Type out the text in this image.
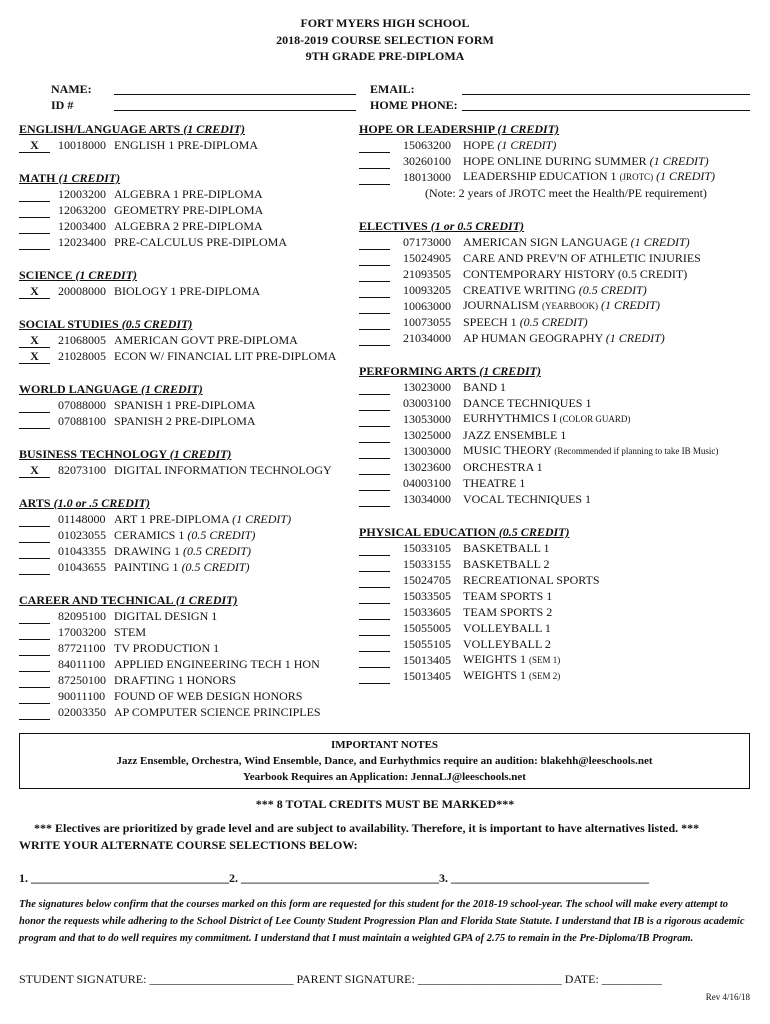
FORT MYERS HIGH SCHOOL
2018-2019 COURSE SELECTION FORM
9TH GRADE PRE-DIPLOMA
NAME:
ID #
EMAIL:
HOME PHONE:
ENGLISH/LANGUAGE ARTS (1 CREDIT)
X	10018000 ENGLISH 1 PRE-DIPLOMA
MATH (1 CREDIT)
12003200 ALGEBRA 1 PRE-DIPLOMA
12063200 GEOMETRY PRE-DIPLOMA
12003400 ALGEBRA 2 PRE-DIPLOMA
12023400 PRE-CALCULUS PRE-DIPLOMA
SCIENCE (1 CREDIT)
X	20008000 BIOLOGY 1 PRE-DIPLOMA
SOCIAL STUDIES (0.5 CREDIT)
X	21068005 AMERICAN GOVT PRE-DIPLOMA
X	21028005 ECON W/ FINANCIAL LIT PRE-DIPLOMA
WORLD LANGUAGE (1 CREDIT)
07088000 SPANISH 1 PRE-DIPLOMA
07088100 SPANISH 2 PRE-DIPLOMA
BUSINESS TECHNOLOGY (1 CREDIT)
X	82073100 DIGITAL INFORMATION TECHNOLOGY
ARTS (1.0 or .5 CREDIT)
01148000 ART 1 PRE-DIPLOMA (1 CREDIT)
01023055 CERAMICS 1 (0.5 CREDIT)
01043355 DRAWING 1 (0.5 CREDIT)
01043655 PAINTING 1 (0.5 CREDIT)
CAREER AND TECHNICAL (1 CREDIT)
82095100 DIGITAL DESIGN 1
17003200 STEM
87721100 TV PRODUCTION 1
84011100 APPLIED ENGINEERING TECH 1 HON
87250100 DRAFTING 1 HONORS
90011100 FOUND OF WEB DESIGN HONORS
02003350 AP COMPUTER SCIENCE PRINCIPLES
HOPE OR LEADERSHIP (1 CREDIT)
15063200	HOPE (1 CREDIT)
30260100	HOPE ONLINE DURING SUMMER (1 CREDIT)
18013000	LEADERSHIP EDUCATION 1 (JROTC) (1 CREDIT)
(Note: 2 years of JROTC meet the Health/PE requirement)
ELECTIVES (1 or 0.5 CREDIT)
07173000	AMERICAN SIGN LANGUAGE (1 CREDIT)
15024905	CARE AND PREV'N OF ATHLETIC INJURIES
21093505	CONTEMPORARY HISTORY (0.5 CREDIT)
10093205	CREATIVE WRITING (0.5 CREDIT)
10063000	JOURNALISM (YEARBOOK) (1 CREDIT)
10073055	SPEECH 1 (0.5 CREDIT)
21034000	AP HUMAN GEOGRAPHY (1 CREDIT)
PERFORMING ARTS (1 CREDIT)
13023000	BAND 1
03003100	DANCE TECHNIQUES 1
13053000	EURHYTHMICS I (COLOR GUARD)
13025000	JAZZ ENSEMBLE 1
13003000	MUSIC THEORY (Recommended if planning to take IB Music)
13023600	ORCHESTRA 1
04003100	THEATRE 1
13034000	VOCAL TECHNIQUES 1
PHYSICAL EDUCATION (0.5 CREDIT)
15033105	BASKETBALL 1
15033155	BASKETBALL 2
15024705	RECREATIONAL SPORTS
15033505	TEAM SPORTS 1
15033605	TEAM SPORTS 2
15055005	VOLLEYBALL 1
15055105	VOLLEYBALL 2
15013405	WEIGHTS 1 (SEM 1)
15013405	WEIGHTS 1 (SEM 2)
IMPORTANT NOTES
Jazz Ensemble, Orchestra, Wind Ensemble, Dance, and Eurhythmics require an audition: blakehh@leeschools.net
Yearbook Requires an Application: JennaLJ@leeschools.net
*** 8 TOTAL CREDITS MUST BE MARKED***
*** Electives are prioritized by grade level and are subject to availability. Therefore, it is important to have alternatives listed. ***
WRITE YOUR ALTERNATE COURSE SELECTIONS BELOW:
1. _________________________________2. _________________________________3. _________________________________
The signatures below confirm that the courses marked on this form are requested for this student for the 2018-19 school-year. The school will make every attempt to honor the requests while adhering to the School District of Lee County Student Progression Plan and Florida State Statute. I understand that IB is a rigorous academic program and that to do well requires my commitment. I understand that I must maintain a weighted GPA of 2.75 to remain in the Pre-Diploma/IB Program.
STUDENT SIGNATURE: ________________________ PARENT SIGNATURE: ________________________ DATE: __________
Rev 4/16/18
